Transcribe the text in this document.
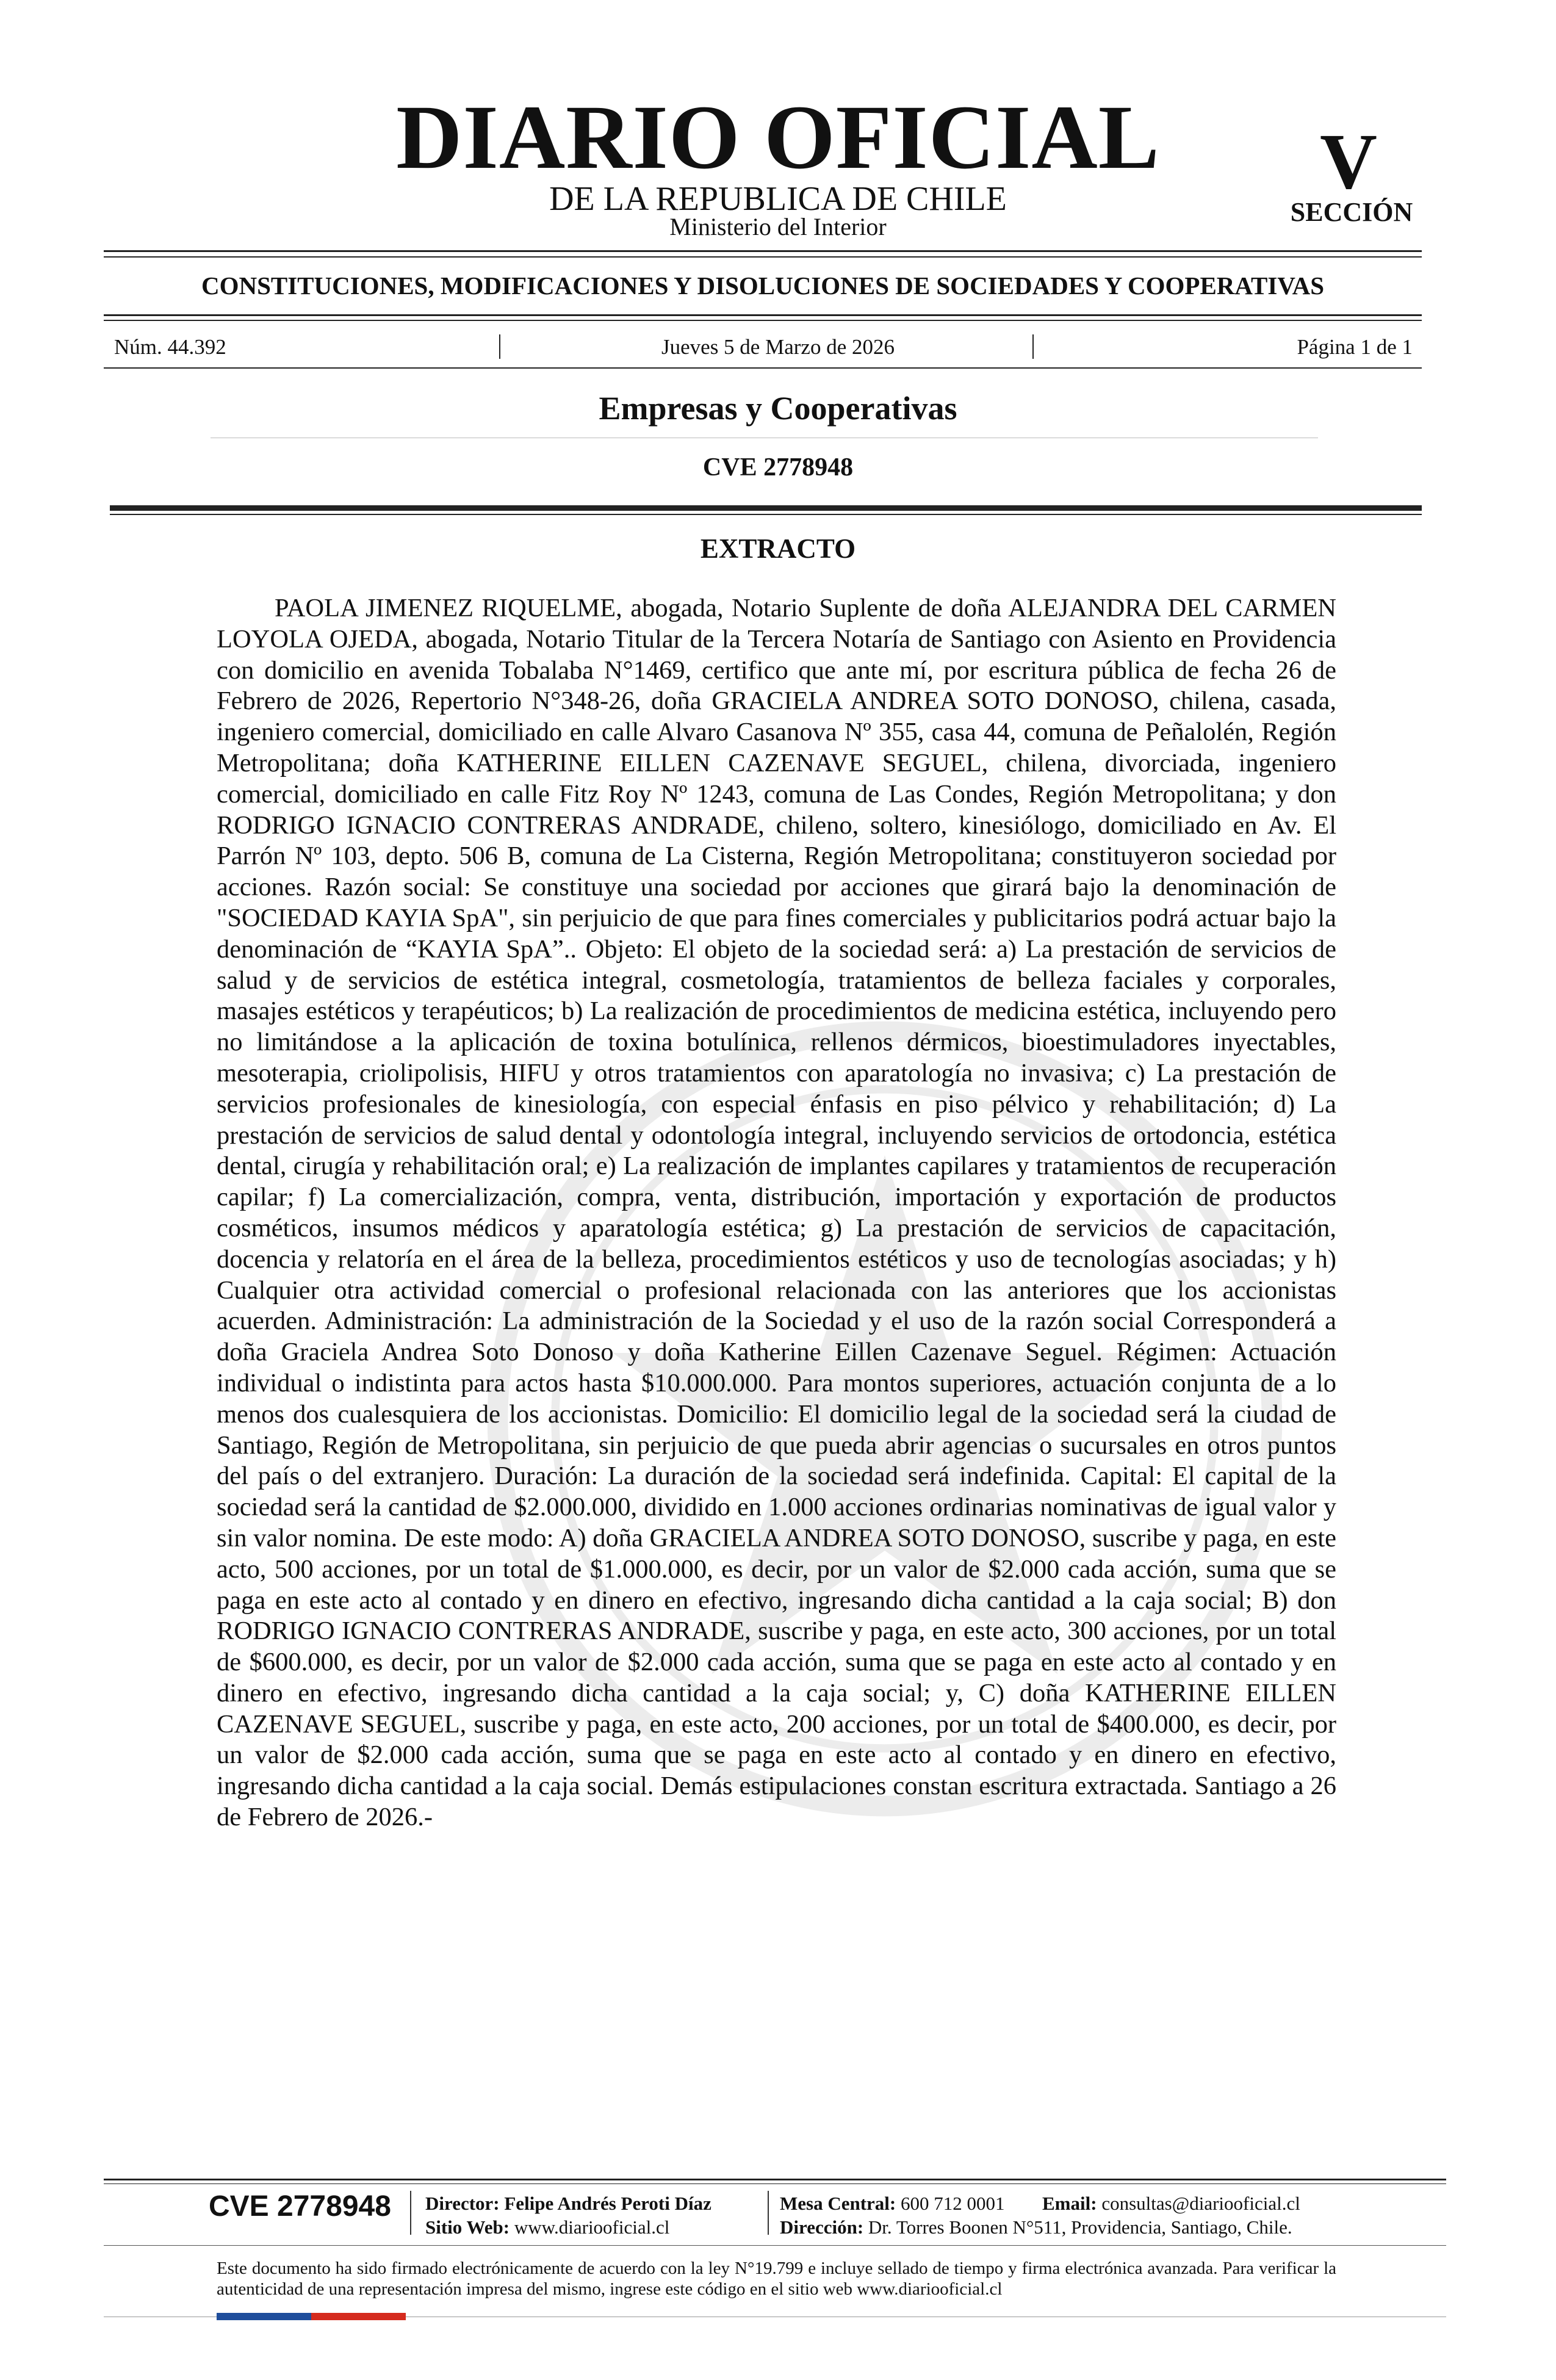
DIARIO OFICIAL
DE LA REPUBLICA DE CHILE
Ministerio del Interior
V
SECCIÓN
CONSTITUCIONES, MODIFICACIONES Y DISOLUCIONES DE SOCIEDADES Y COOPERATIVAS
Núm. 44.392	Jueves 5 de Marzo de 2026	Página 1 de 1
Empresas y Cooperativas
CVE 2778948
EXTRACTO
PAOLA JIMENEZ RIQUELME, abogada, Notario Suplente de doña ALEJANDRA DEL CARMEN LOYOLA OJEDA, abogada, Notario Titular de la Tercera Notaría de Santiago con Asiento en Providencia con domicilio en avenida Tobalaba N°1469, certifico que ante mí, por escritura pública de fecha 26 de Febrero de 2026, Repertorio N°348-26, doña GRACIELA ANDREA SOTO DONOSO, chilena, casada, ingeniero comercial, domiciliado en calle Alvaro Casanova Nº 355, casa 44, comuna de Peñalolén, Región Metropolitana; doña KATHERINE EILLEN CAZENAVE SEGUEL, chilena, divorciada, ingeniero comercial, domiciliado en calle Fitz Roy Nº 1243, comuna de Las Condes, Región Metropolitana; y don RODRIGO IGNACIO CONTRERAS ANDRADE, chileno, soltero, kinesiólogo, domiciliado en Av. El Parrón Nº 103, depto. 506 B, comuna de La Cisterna, Región Metropolitana; constituyeron sociedad por acciones. Razón social: Se constituye una sociedad por acciones que girará bajo la denominación de "SOCIEDAD KAYIA SpA", sin perjuicio de que para fines comerciales y publicitarios podrá actuar bajo la denominación de “KAYIA SpA”.. Objeto: El objeto de la sociedad será: a) La prestación de servicios de salud y de servicios de estética integral, cosmetología, tratamientos de belleza faciales y corporales, masajes estéticos y terapéuticos; b) La realización de procedimientos de medicina estética, incluyendo pero no limitándose a la aplicación de toxina botulínica, rellenos dérmicos, bioestimuladores inyectables, mesoterapia, criolipolisis, HIFU y otros tratamientos con aparatología no invasiva; c) La prestación de servicios profesionales de kinesiología, con especial énfasis en piso pélvico y rehabilitación; d) La prestación de servicios de salud dental y odontología integral, incluyendo servicios de ortodoncia, estética dental, cirugía y rehabilitación oral; e) La realización de implantes capilares y tratamientos de recuperación capilar; f) La comercialización, compra, venta, distribución, importación y exportación de productos cosméticos, insumos médicos y aparatología estética; g) La prestación de servicios de capacitación, docencia y relatoría en el área de la belleza, procedimientos estéticos y uso de tecnologías asociadas; y h) Cualquier otra actividad comercial o profesional relacionada con las anteriores que los accionistas acuerden. Administración: La administración de la Sociedad y el uso de la razón social Corresponderá a doña Graciela Andrea Soto Donoso y doña Katherine Eillen Cazenave Seguel. Régimen: Actuación individual o indistinta para actos hasta $10.000.000. Para montos superiores, actuación conjunta de a lo menos dos cualesquiera de los accionistas. Domicilio: El domicilio legal de la sociedad será la ciudad de Santiago, Región de Metropolitana, sin perjuicio de que pueda abrir agencias o sucursales en otros puntos del país o del extranjero. Duración: La duración de la sociedad será indefinida. Capital: El capital de la sociedad será la cantidad de $2.000.000, dividido en 1.000 acciones ordinarias nominativas de igual valor y sin valor nomina. De este modo: A) doña GRACIELA ANDREA SOTO DONOSO, suscribe y paga, en este acto, 500 acciones, por un total de $1.000.000, es decir, por un valor de $2.000 cada acción, suma que se paga en este acto al contado y en dinero en efectivo, ingresando dicha cantidad a la caja social; B) don RODRIGO IGNACIO CONTRERAS ANDRADE, suscribe y paga, en este acto, 300 acciones, por un total de $600.000, es decir, por un valor de $2.000 cada acción, suma que se paga en este acto al contado y en dinero en efectivo, ingresando dicha cantidad a la caja social; y, C) doña KATHERINE EILLEN CAZENAVE SEGUEL, suscribe y paga, en este acto, 200 acciones, por un total de $400.000, es decir, por un valor de $2.000 cada acción, suma que se paga en este acto al contado y en dinero en efectivo, ingresando dicha cantidad a la caja social. Demás estipulaciones constan escritura extractada. Santiago a 26 de Febrero de 2026.-
CVE 2778948 Director: Felipe Andrés Peroti Díaz
Sitio Web: www.diariooficial.cl
Mesa Central: 600 712 0001 Email: consultas@diariooficial.cl
Dirección: Dr. Torres Boonen N°511, Providencia, Santiago, Chile.
Este documento ha sido firmado electrónicamente de acuerdo con la ley N°19.799 e incluye sellado de tiempo y firma electrónica avanzada. Para verificar la autenticidad de una representación impresa del mismo, ingrese este código en el sitio web www.diariooficial.cl
